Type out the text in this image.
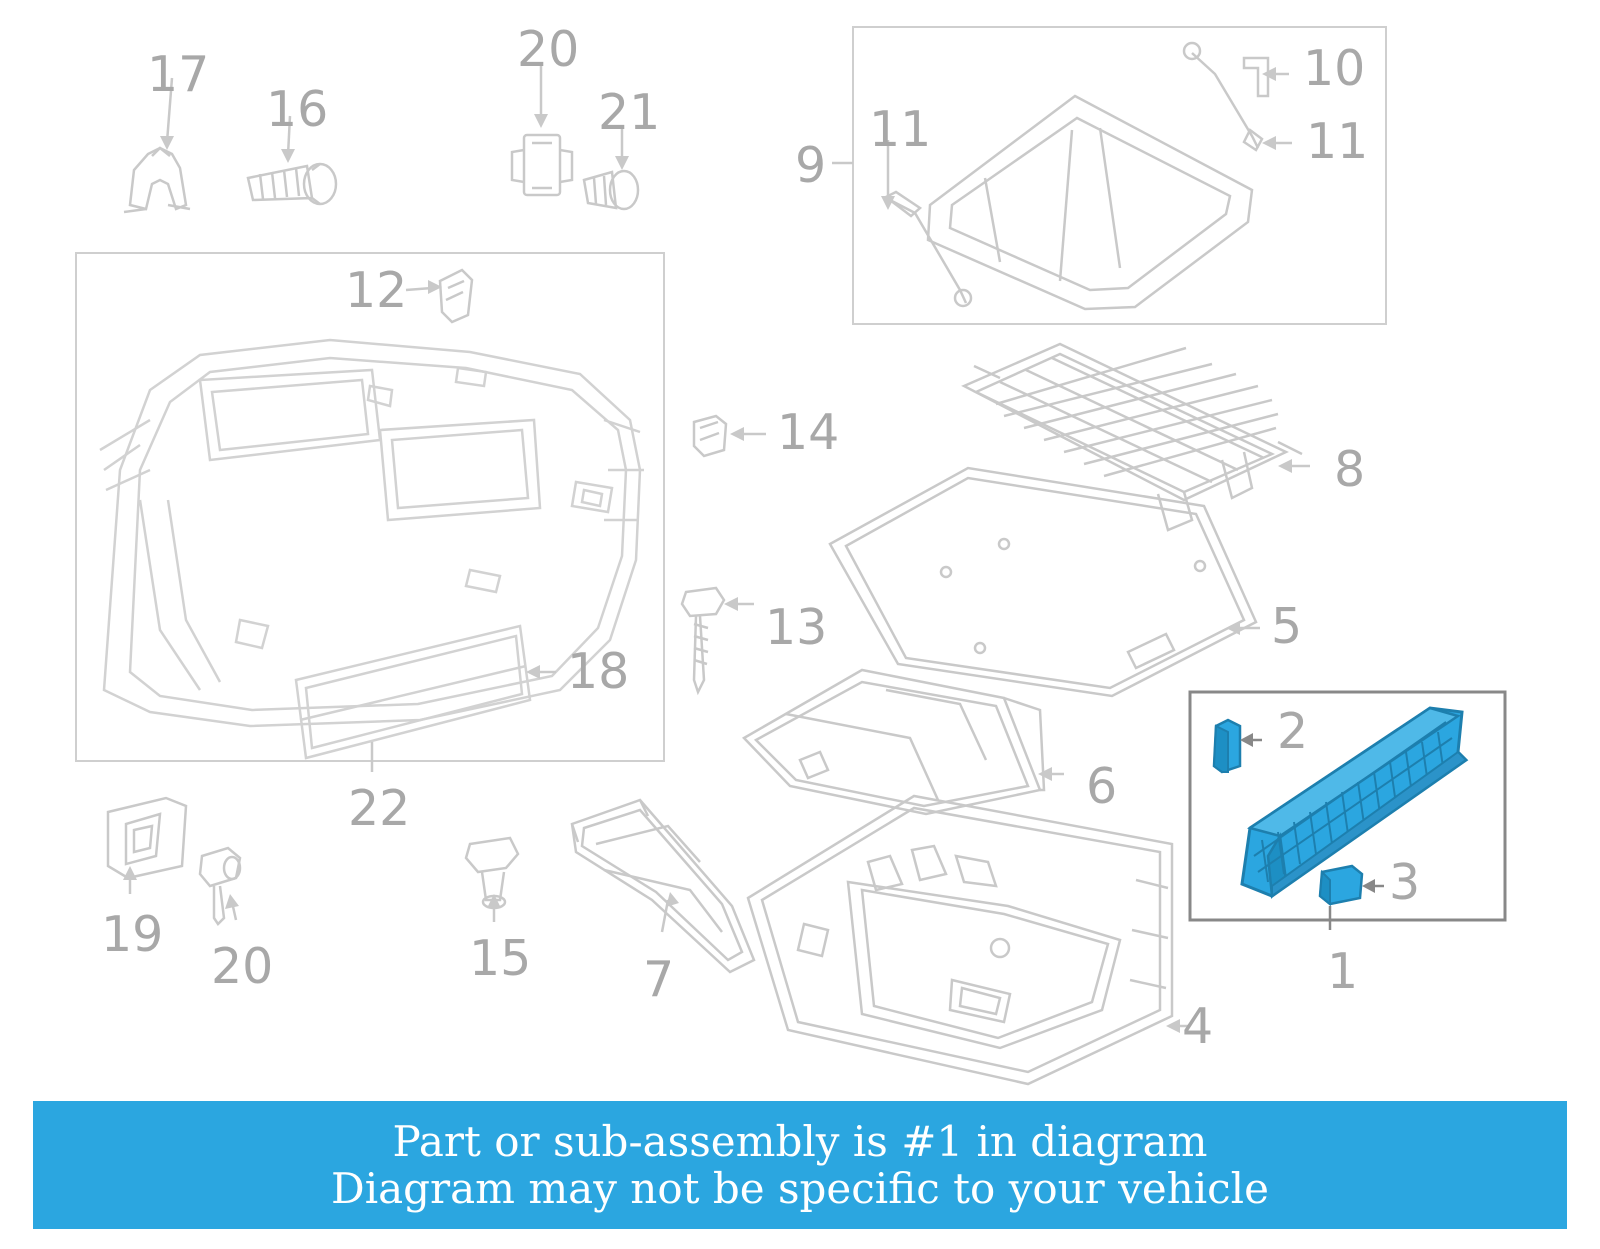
17
16
20
21
9
11
10
11
12
14
8
13	5
18
22	6
2
3
1
19
20	15 7
4
Part or sub-assembly is #1 in diagram
Diagram may not be specific to your vehicle
